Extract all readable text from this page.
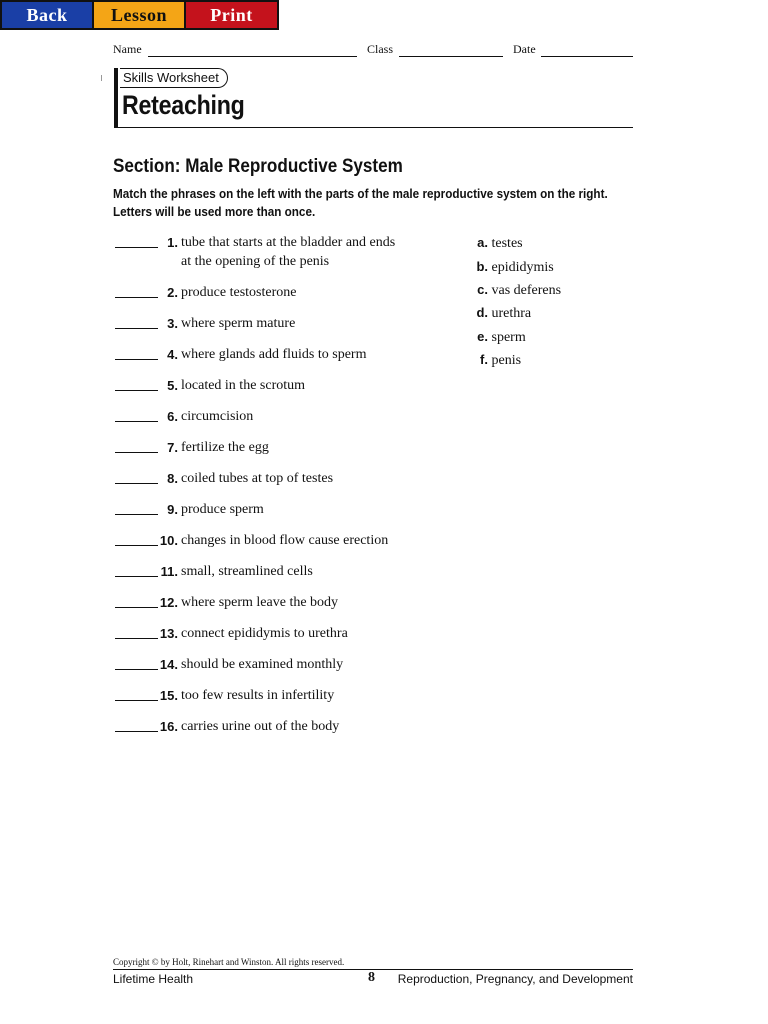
Back	Lesson	Print
Name	Class	Date
Skills Worksheet
Reteaching
Section: Male Reproductive System
Match the phrases on the left with the parts of the male reproductive system on the right. Letters will be used more than once.
1. tube that starts at the bladder and ends
at the opening of the penis
2. produce testosterone
3. where sperm mature
4. where glands add fluids to sperm
5. located in the scrotum
6. circumcision
7. fertilize the egg
8. coiled tubes at top of testes
9. produce sperm
10. changes in blood flow cause erection
11. small, streamlined cells
12. where sperm leave the body
13. connect epididymis to urethra
14. should be examined monthly
15. too few results in infertility
16. carries urine out of the body
a. testes
b. epididymis
c. vas deferens
d. urethra
e. sperm
f. penis
Copyright © by Holt, Rinehart and Winston. All rights reserved.
Lifetime Health	8 Reproduction, Pregnancy, and Development
